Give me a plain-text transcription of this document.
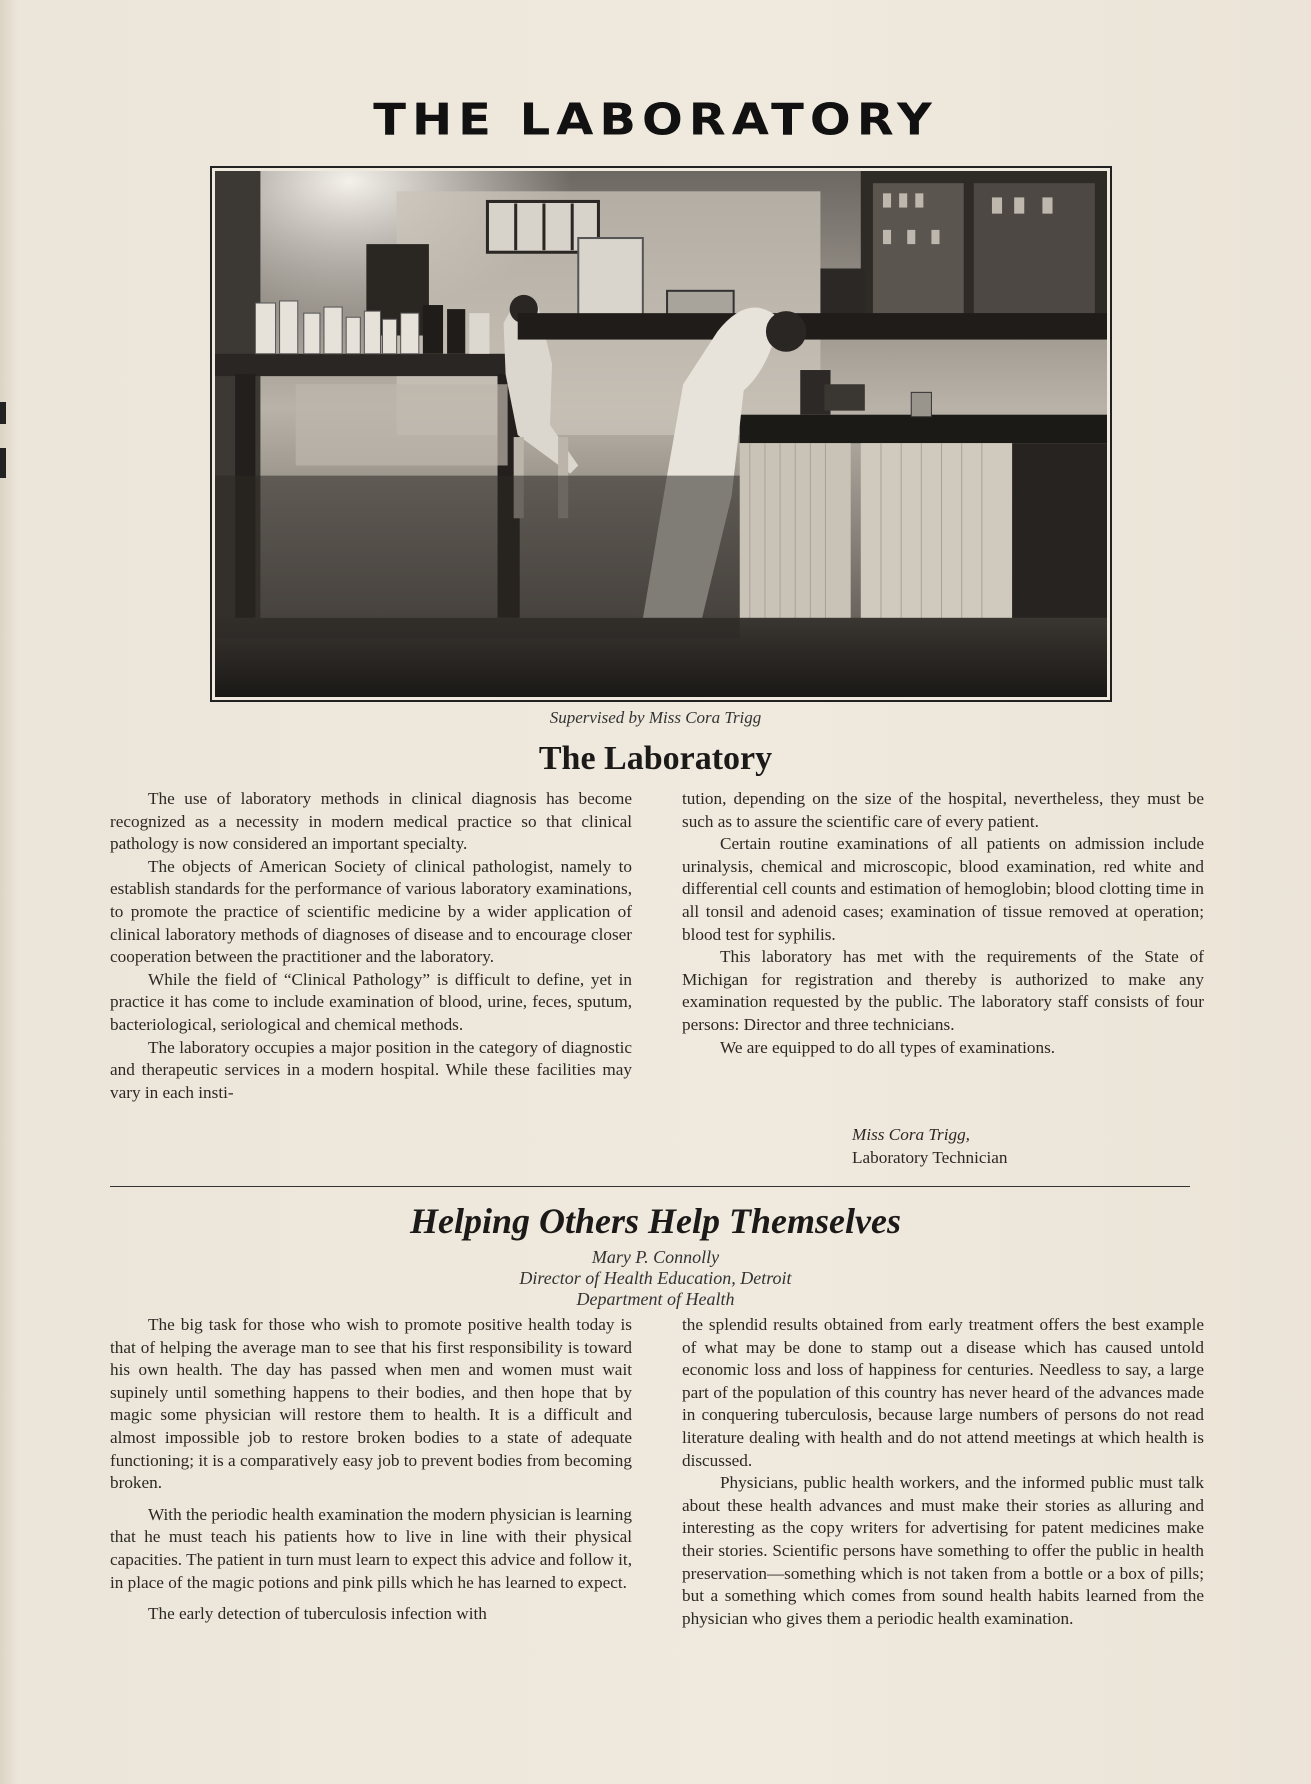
THE LABORATORY
Supervised by Miss Cora Trigg
The Laboratory

The use of laboratory methods in clinical diagnosis has become recognized as a necessity in modern medical practice so that clinical pathology is now considered an important specialty.

The objects of American Society of clinical pathologist, namely to establish standards for the performance of various laboratory examinations, to promote the practice of scientific medicine by a wider application of clinical laboratory methods of diagnoses of disease and to encourage closer cooperation between the practitioner and the laboratory.

While the field of “Clinical Pathology” is difficult to define, yet in practice it has come to include examination of blood, urine, feces, sputum, bacteriological, seriological and chemical methods.

The laboratory occupies a major position in the category of diagnostic and therapeutic services in a modern hospital. While these facilities may vary in each insti-

tution, depending on the size of the hospital, nevertheless, they must be such as to assure the scientific care of every patient.

Certain routine examinations of all patients on admission include urinalysis, chemical and microscopic, blood examination, red white and differential cell counts and estimation of hemoglobin; blood clotting time in all tonsil and adenoid cases; examination of tissue removed at operation; blood test for syphilis.

This laboratory has met with the requirements of the State of Michigan for registration and thereby is authorized to make any examination requested by the public. The laboratory staff consists of four persons: Director and three technicians.

We are equipped to do all types of examinations.

Miss Cora Trigg,
Laboratory Technician
Helping Others Help Themselves
Mary P. Connolly
Director of Health Education, Detroit
Department of Health

The big task for those who wish to promote positive health today is that of helping the average man to see that his first responsibility is toward his own health. The day has passed when men and women must wait supinely until something happens to their bodies, and then hope that by magic some physician will restore them to health. It is a difficult and almost impossible job to restore broken bodies to a state of adequate functioning; it is a comparatively easy job to prevent bodies from becoming broken.

With the periodic health examination the modern physician is learning that he must teach his patients how to live in line with their physical capacities. The patient in turn must learn to expect this advice and follow it, in place of the magic potions and pink pills which he has learned to expect.

The early detection of tuberculosis infection with

the splendid results obtained from early treatment offers the best example of what may be done to stamp out a disease which has caused untold economic loss and loss of happiness for centuries. Needless to say, a large part of the population of this country has never heard of the advances made in conquering tuberculosis, because large numbers of persons do not read literature dealing with health and do not attend meetings at which health is discussed.

Physicians, public health workers, and the informed public must talk about these health advances and must make their stories as alluring and interesting as the copy writers for advertising for patent medicines make their stories. Scientific persons have something to offer the public in health preservation—something which is not taken from a bottle or a box of pills; but a something which comes from sound health habits learned from the physician who gives them a periodic health examination.
